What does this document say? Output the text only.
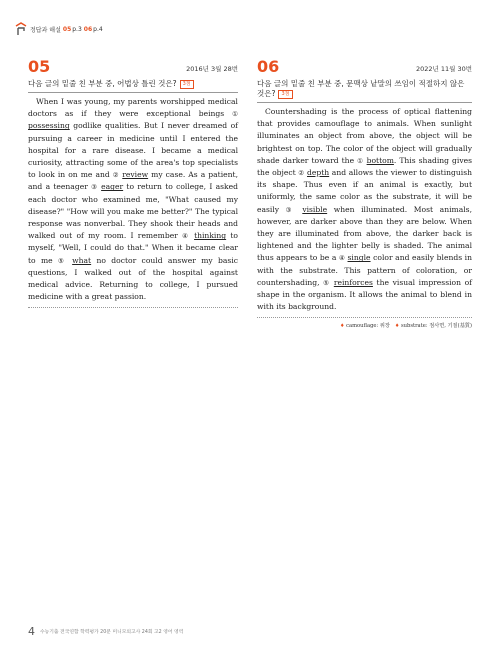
정답과 해설 05 p.3 06 p.4
05	2016년 3월 28번
다음 글의 밑줄 친 부분 중, 어법상 틀린 것은? 3점

When I was young, my parents worshipped medical doctors as if they were exceptional beings ① possessing godlike qualities. But I never dreamed of pursuing a career in medicine until I entered the hospital for a rare disease. I became a medical curiosity, attracting some of the area's top specialists to look in on me and ② review my case. As a patient, and a teenager ③ eager to return to college, I asked each doctor who examined me, "What caused my disease?" "How will you make me better?" The typical response was nonverbal. They shook their heads and walked out of my room. I remember ④ thinking to myself, "Well, I could do that." When it became clear to me ⑤ what no doctor could answer my basic questions, I walked out of the hospital against medical advice. Returning to college, I pursued medicine with a great passion.

06	2022년 11월 30번
다음 글의 밑줄 친 부분 중, 문맥상 낱말의 쓰임이 적절하지 않은 것은? 3점

Countershading is the process of optical flattening that provides camouflage to animals. When sunlight illuminates an object from above, the object will be brightest on top. The color of the object will gradually shade darker toward the ① bottom. This shading gives the object ② depth and allows the viewer to distinguish its shape. Thus even if an animal is exactly, but uniformly, the same color as the substrate, it will be easily ③ visible when illuminated. Most animals, however, are darker above than they are below. When they are illuminated from above, the darker back is lightened and the lighter belly is shaded. The animal thus appears to be a ④ single color and easily blends in with the substrate. This pattern of coloration, or countershading, ⑤ reinforces the visual impression of shape in the organism. It allows the animal to blend in with its background.

♦ camouflage: 위장 ♦ substrate: 점사면, 기질(基質)
4 수능기출 전국연합 학력평가 20분 미니모의고사 24회 고2 영어 영역
